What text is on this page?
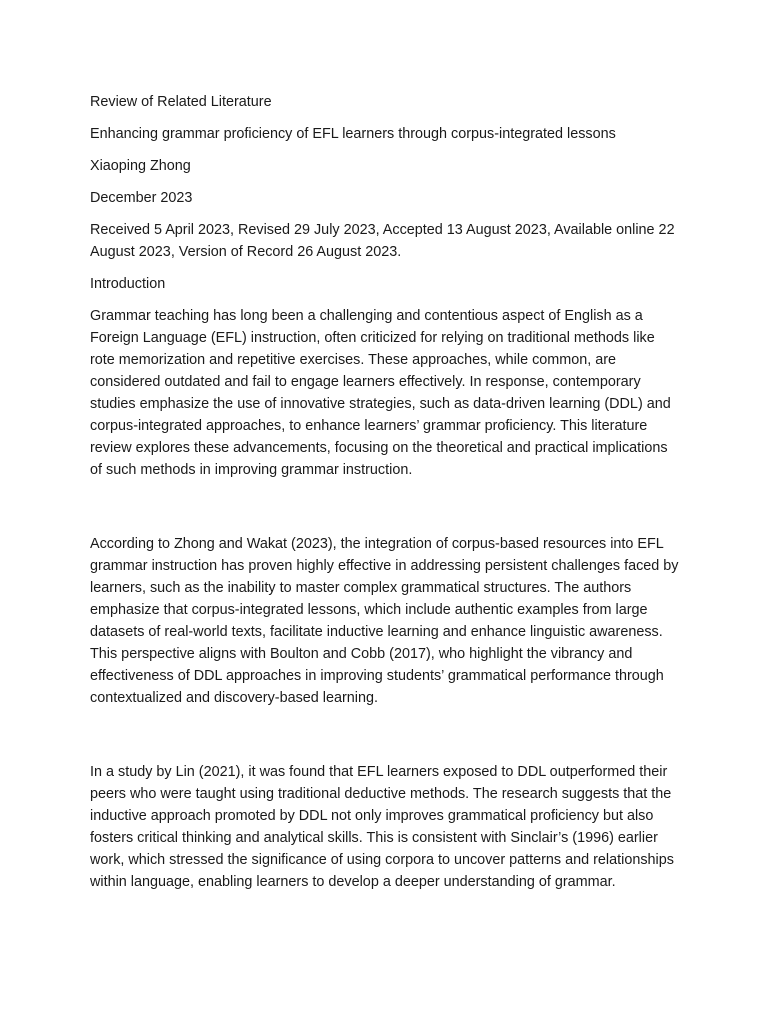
Review of Related Literature

Enhancing grammar proficiency of EFL learners through corpus-integrated lessons

Xiaoping Zhong

December 2023

Received 5 April 2023, Revised 29 July 2023, Accepted 13 August 2023, Available online 22 August 2023, Version of Record 26 August 2023.

Introduction

Grammar teaching has long been a challenging and contentious aspect of English as a Foreign Language (EFL) instruction, often criticized for relying on traditional methods like rote memorization and repetitive exercises. These approaches, while common, are considered outdated and fail to engage learners effectively. In response, contemporary studies emphasize the use of innovative strategies, such as data-driven learning (DDL) and corpus-integrated approaches, to enhance learners’ grammar proficiency. This literature review explores these advancements, focusing on the theoretical and practical implications of such methods in improving grammar instruction.

According to Zhong and Wakat (2023), the integration of corpus-based resources into EFL grammar instruction has proven highly effective in addressing persistent challenges faced by learners, such as the inability to master complex grammatical structures. The authors emphasize that corpus-integrated lessons, which include authentic examples from large datasets of real-world texts, facilitate inductive learning and enhance linguistic awareness. This perspective aligns with Boulton and Cobb (2017), who highlight the vibrancy and effectiveness of DDL approaches in improving students’ grammatical performance through contextualized and discovery-based learning.

In a study by Lin (2021), it was found that EFL learners exposed to DDL outperformed their peers who were taught using traditional deductive methods. The research suggests that the inductive approach promoted by DDL not only improves grammatical proficiency but also fosters critical thinking and analytical skills. This is consistent with Sinclair’s (1996) earlier work, which stressed the significance of using corpora to uncover patterns and relationships within language, enabling learners to develop a deeper understanding of grammar.
